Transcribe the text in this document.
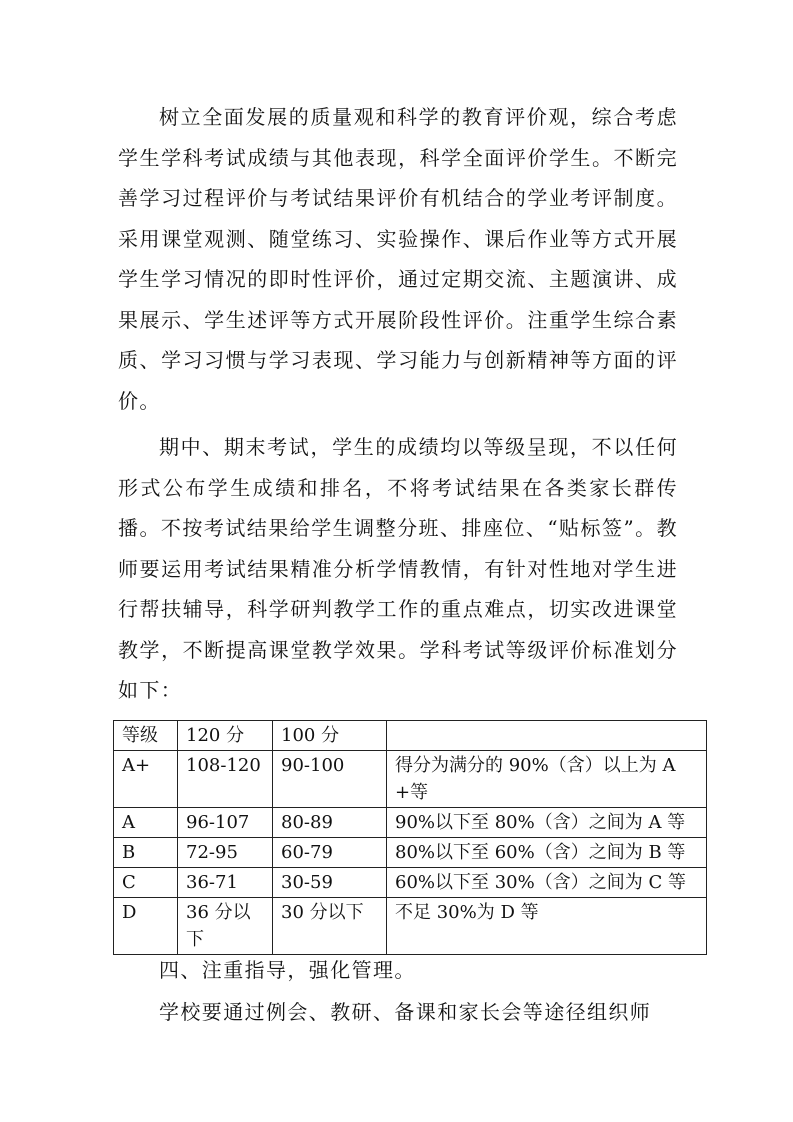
树立全面发展的质量观和科学的教育评价观，综合考虑学生学科考试成绩与其他表现，科学全面评价学生。不断完善学习过程评价与考试结果评价有机结合的学业考评制度。采用课堂观测、随堂练习、实验操作、课后作业等方式开展学生学习情况的即时性评价，通过定期交流、主题演讲、成果展示、学生述评等方式开展阶段性评价。注重学生综合素质、学习习惯与学习表现、学习能力与创新精神等方面的评价。

期中、期末考试，学生的成绩均以等级呈现，不以任何形式公布学生成绩和排名，不将考试结果在各类家长群传播。不按考试结果给学生调整分班、排座位、“贴标签”。教师要运用考试结果精准分析学情教情，有针对性地对学生进行帮扶辅导，科学研判教学工作的重点难点，切实改进课堂教学，不断提高课堂教学效果。学科考试等级评价标准划分如下：

等级	120 分	100 分	
A+	108-120	90-100	得分为满分的 90%（含）以上为 A+等
A	96-107	80-89	90%以下至 80%（含）之间为 A 等
B	72-95	60-79	80%以下至 60%（含）之间为 B 等
C	36-71	30-59	60%以下至 30%（含）之间为 C 等
D	36 分以下	30 分以下	不足 30%为 D 等

四、注重指导，强化管理。

学校要通过例会、教研、备课和家长会等途径组织师
